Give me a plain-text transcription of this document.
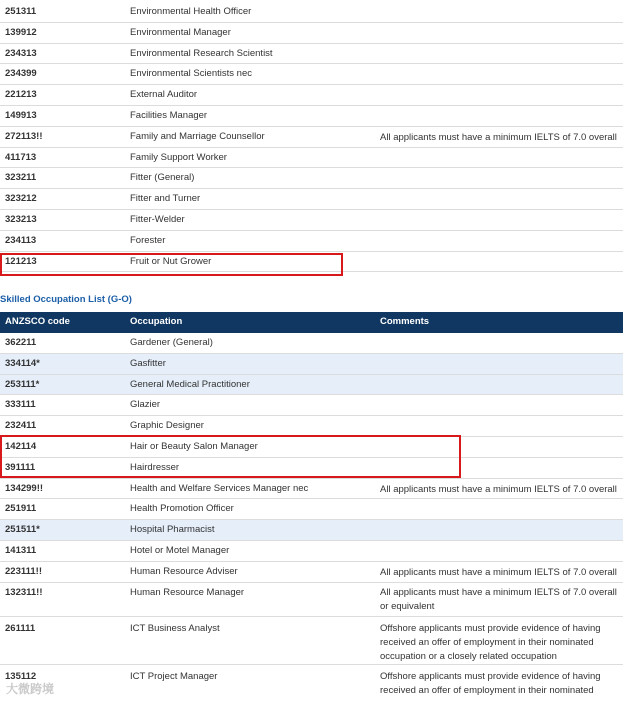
251311	Environmental Health Officer
139912	Environmental Manager
234313	Environmental Research Scientist
234399	Environmental Scientists nec
221213	External Auditor
149913	Facilities Manager
272113!!	Family and Marriage Counsellor	All applicants must have a minimum IELTS of 7.0 overall
411713	Family Support Worker
323211	Fitter (General)
323212	Fitter and Turner
323213	Fitter-Welder
234113	Forester
121213	Fruit or Nut Grower
Skilled Occupation List (G-O)
ANZSCO code	Occupation	Comments
362211	Gardener (General)
334114*	Gasfitter
253111*	General Medical Practitioner
333111	Glazier
232411	Graphic Designer
142114	Hair or Beauty Salon Manager
391111	Hairdresser
134299!!	Health and Welfare Services Manager nec	All applicants must have a minimum IELTS of 7.0 overall
251911	Health Promotion Officer
251511*	Hospital Pharmacist
141311	Hotel or Motel Manager
223111!!	Human Resource Adviser	All applicants must have a minimum IELTS of 7.0 overall
132311!!	Human Resource Manager	All applicants must have a minimum IELTS of 7.0 overall or equivalent
261111	ICT Business Analyst	Offshore applicants must provide evidence of having received an offer of employment in their nominated occupation or a closely related occupation
135112	ICT Project Manager	Offshore applicants must provide evidence of having received an offer of employment in their nominated
大微跨境
